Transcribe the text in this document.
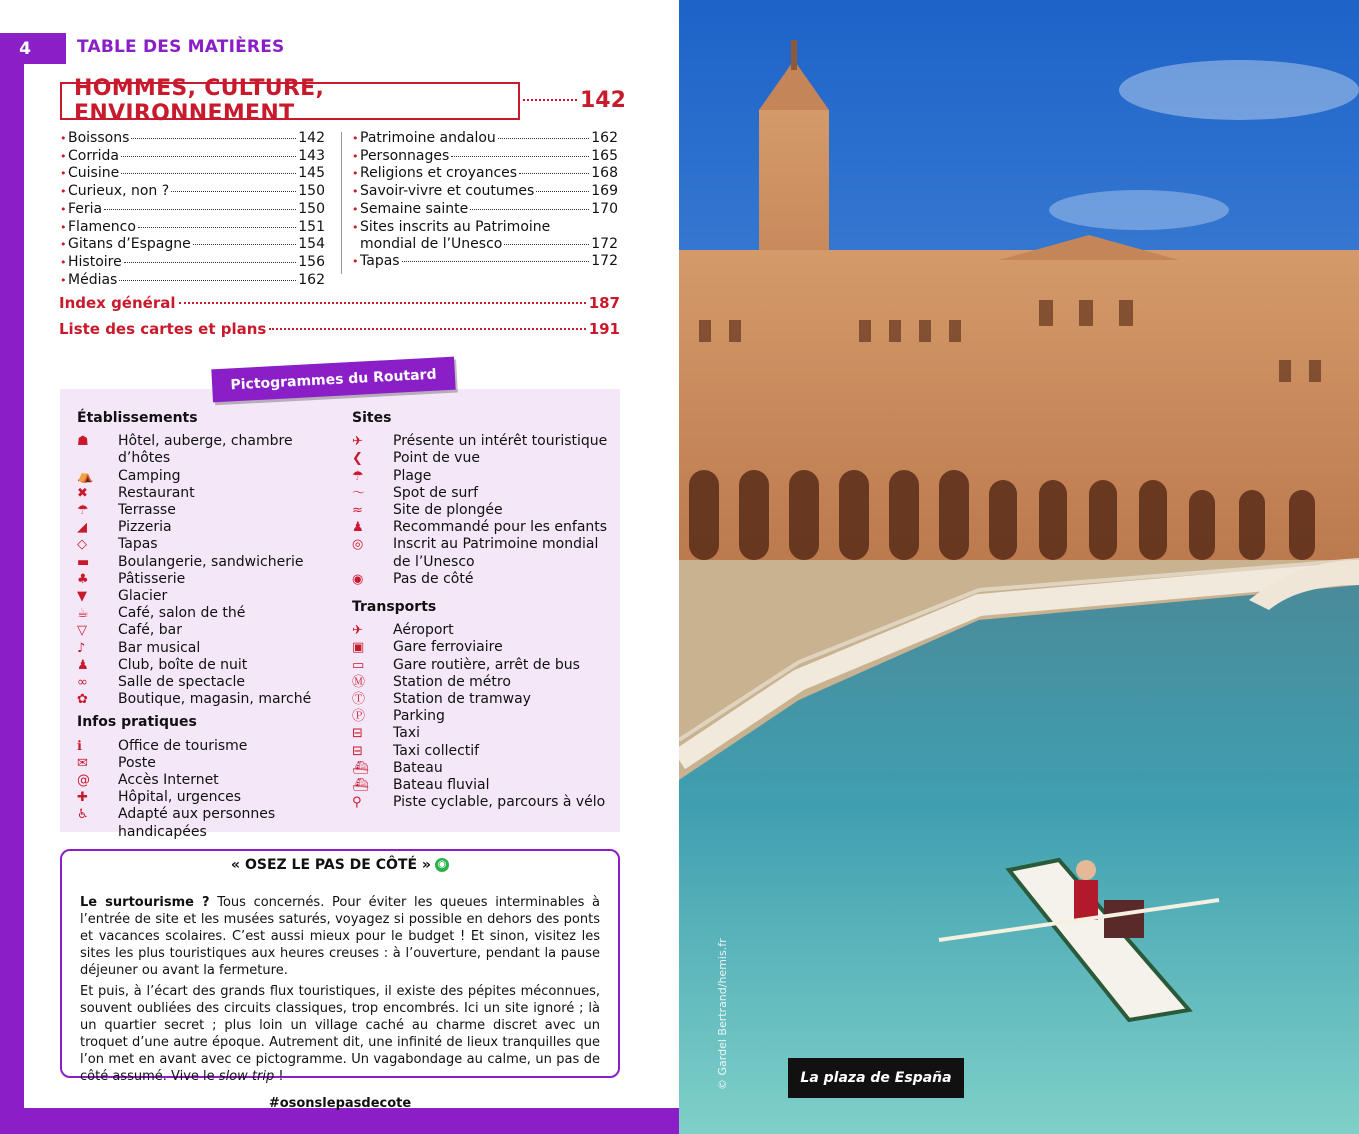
4	TABLE DES MATIÈRES
HOMMES, CULTURE, ENVIRONNEMENT
142
• Boissons	142
• Corrida	143
• Cuisine	145
• Curieux, non ?	150
• Feria	150
• Flamenco	151
• Gitans d’Espagne	154
• Histoire	156
• Médias	162
• Patrimoine andalou	162
• Personnages	165
• Religions et croyances	168
• Savoir-vivre et coutumes	169
• Semaine sainte	170
• Sites inscrits au Patrimoine
mondial de l’Unesco	172
• Tapas	172
Index général	187
Liste des cartes et plans	191
Pictogrammes du Routard
Établissements
☗	Hôtel, auberge, chambre d’hôtes
⛺	Camping
✖	Restaurant
☂	Terrasse
◢	Pizzeria
◇	Tapas
▬	Boulangerie, sandwicherie
♣	Pâtisserie
▼	Glacier
☕	Café, salon de thé
▽	Café, bar
♪	Bar musical
♟	Club, boîte de nuit
∞	Salle de spectacle
✿	Boutique, magasin, marché
Infos pratiques
ℹ	Office de tourisme
✉	Poste
@	Accès Internet
✚	Hôpital, urgences
♿	Adapté aux personnes handicapées
Sites
✈	Présente un intérêt touristique
❮	Point de vue
☂	Plage
〜	Spot de surf
≈	Site de plongée
♟	Recommandé pour les enfants
◎	Inscrit au Patrimoine mondial de l’Unesco
◉	Pas de côté
Transports
✈	Aéroport
▣	Gare ferroviaire
▭	Gare routière, arrêt de bus
Ⓜ	Station de métro
Ⓣ	Station de tramway
Ⓟ	Parking
⊟	Taxi
⊟	Taxi collectif
⛴	Bateau
⛴	Bateau fluvial
⚲	Piste cyclable, parcours à vélo
« OSEZ LE PAS DE CÔTÉ » ◉

Le surtourisme ? Tous concernés. Pour éviter les queues interminables à l’entrée de site et les musées saturés, voyagez si possible en dehors des ponts et vacances scolaires. C’est aussi mieux pour le budget ! Et sinon, visitez les sites les plus touristiques aux heures creuses : à l’ouverture, pendant la pause déjeuner ou avant la fermeture.

Et puis, à l’écart des grands flux touristiques, il existe des pépites méconnues, souvent oubliées des circuits classiques, trop encombrés. Ici un site ignoré ; là un quartier secret ; plus loin un village caché au charme discret avec un troquet d’une autre époque. Autrement dit, une infinité de lieux tranquilles que l’on met en avant avec ce pictogramme. Un vagabondage au calme, un pas de côté assumé. Vive le slow trip !

#osonslepasdecote
© Gardel Bertrand/hemis.fr	La plaza de España
